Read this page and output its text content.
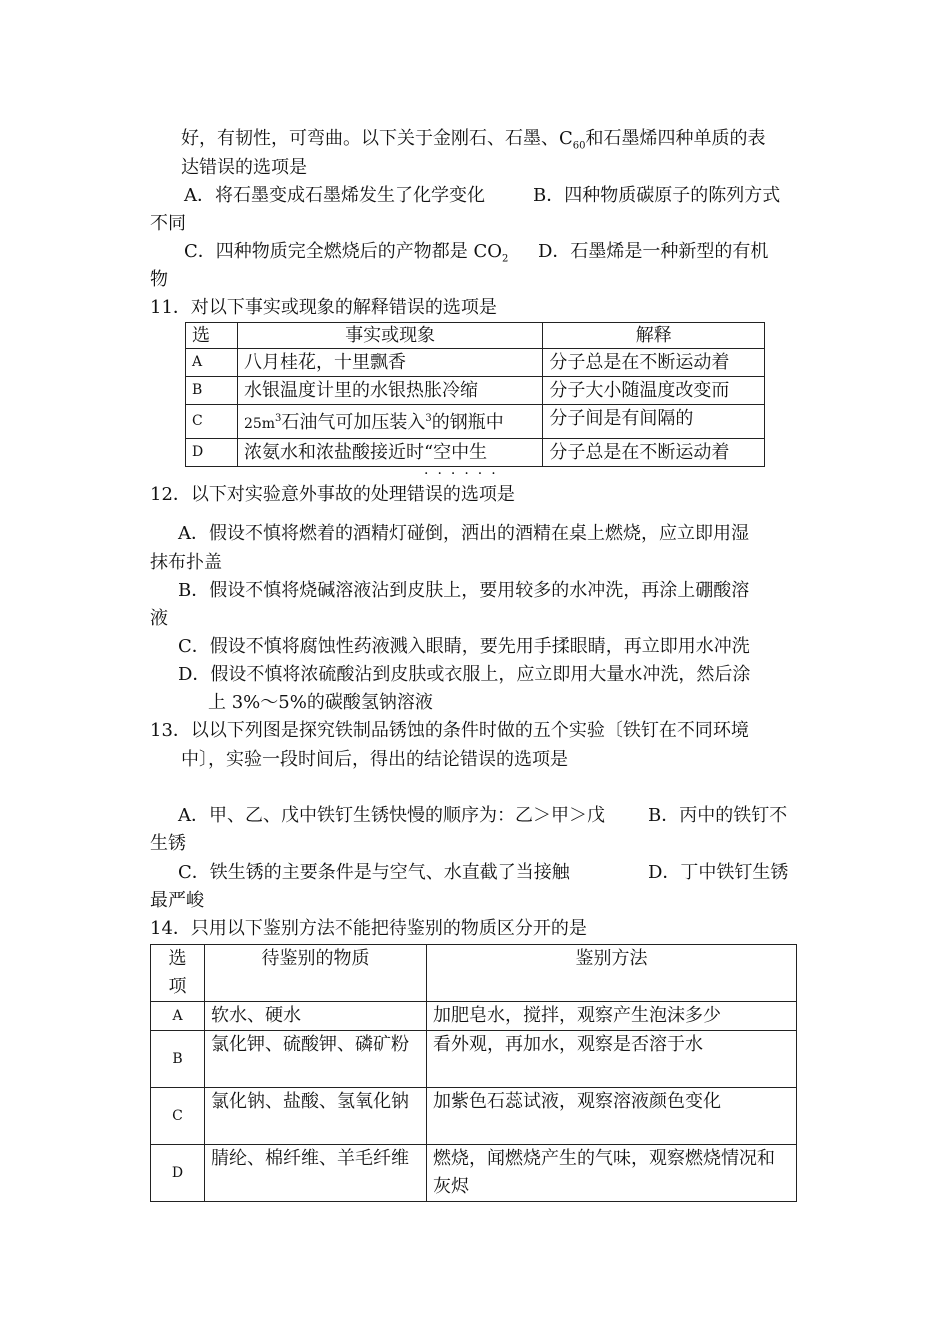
好，有韧性，可弯曲。以下关于金刚石、石墨、$C_{60}$和石墨烯四种单质的表
达错误的选项是
A．将石墨变成石墨烯发生了化学变化	B．四种物质碳原子的陈列方式
不同
C．四种物质完全燃烧后的产物都是 $CO_2$ D．石墨烯是一种新型的有机
物
11．对以下事实或现象的解释错误的选项是
选	事实或现象	解释
A	八月桂花，十里飘香	分子总是在不断运动着
B	水银温度计里的水银热胀冷缩	分子大小随温度改变而
C	$25m^3$石油气可加压装入$^3$的钢瓶中	分子间是有间隔的
D	浓氨水和浓盐酸接近时“空中生	分子总是在不断运动着
······
12．以下对实验意外事故的处理错误的选项是
A．假设不慎将燃着的酒精灯碰倒，洒出的酒精在桌上燃烧，应立即用湿
抹布扑盖
B．假设不慎将烧碱溶液沾到皮肤上，要用较多的水冲洗，再涂上硼酸溶
液
C．假设不慎将腐蚀性药液溅入眼睛，要先用手揉眼睛，再立即用水冲洗
D．假设不慎将浓硫酸沾到皮肤或衣服上，应立即用大量水冲洗，然后涂
上 3%～5%的碳酸氢钠溶液
13．以以下列图是探究铁制品锈蚀的条件时做的五个实验〔铁钉在不同环境
中〕，实验一段时间后，得出的结论错误的选项是
A．甲、乙、戊中铁钉生锈快慢的顺序为：乙＞甲＞戊 B．丙中的铁钉不
生锈
C．铁生锈的主要条件是与空气、水直截了当接触	D．丁中铁钉生锈
最严峻
14．只用以下鉴别方法不能把待鉴别的物质区分开的是
选项	待鉴别的物质	鉴别方法
A	软水、硬水	加肥皂水，搅拌，观察产生泡沫多少
B	氯化钾、硫酸钾、磷矿粉	看外观，再加水，观察是否溶于水
C	氯化钠、盐酸、氢氧化钠	加紫色石蕊试液，观察溶液颜色变化
D	腈纶、棉纤维、羊毛纤维	燃烧，闻燃烧产生的气味，观察燃烧情况和灰烬
